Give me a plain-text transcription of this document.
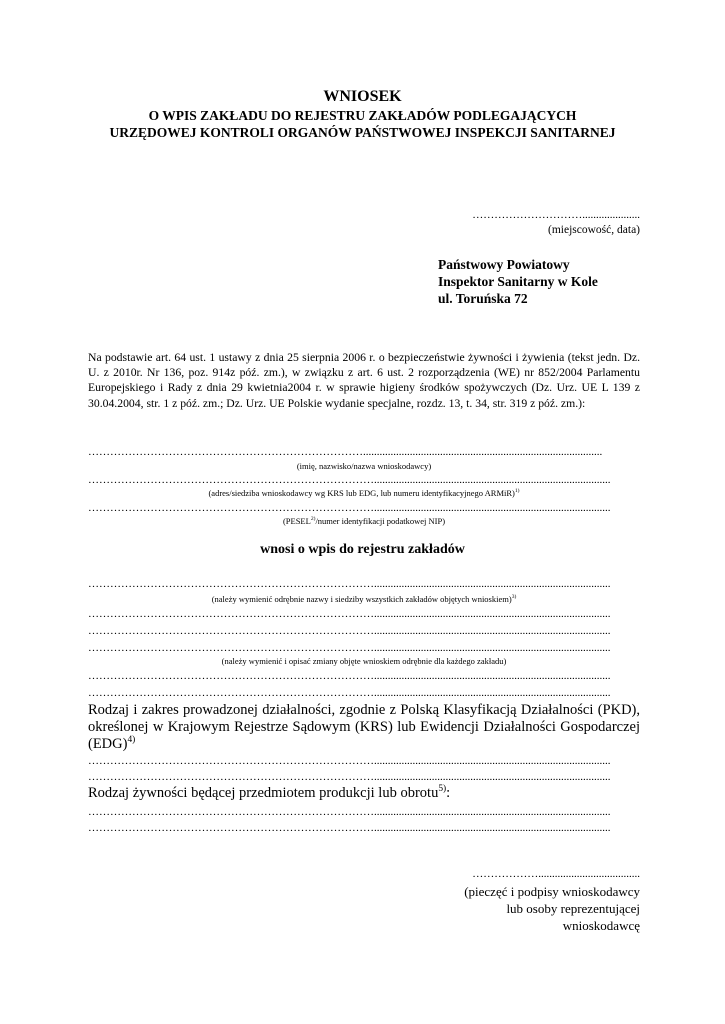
WNIOSEK
O WPIS ZAKŁADU DO REJESTRU ZAKŁADÓW PODLEGAJĄCYCH
URZĘDOWEJ KONTROLI ORGANÓW PAŃSTWOWEJ INSPEKCJI SANITARNEJ
………………………….....................
(miejscowość, data)
Państwowy Powiatowy
Inspektor Sanitarny w Kole
ul. Toruńska 72
Na podstawie art. 64 ust. 1 ustawy z dnia 25 sierpnia 2006 r. o bezpieczeństwie żywności i żywienia (tekst jedn. Dz. U. z 2010r. Nr 136, poz. 914z póź. zm.), w związku z art. 6 ust. 2 rozporządzenia (WE) nr 852/2004 Parlamentu Europejskiego i Rady z dnia 29 kwietnia2004 r. w sprawie higieny środków spożywczych (Dz. Urz. UE L 139 z 30.04.2004, str. 1 z póź. zm.; Dz. Urz. UE Polskie wydanie specjalne, rozdz. 13, t. 34, str. 319 z póź. zm.):
………………………………………………………………….......................................................................................
(imię, nazwisko/nazwa wnioskodawcy)
……………………………………………………………………......................................................................................
(adres/siedziba wnioskodawcy wg KRS lub EDG, lub numeru identyfikacyjnego ARMiR)$^{1)}$
……………………………………………………………………......................................................................................
(PESEL$^{2)}$/numer identyfikacji podatkowej NIP)
wnosi o wpis do rejestru zakładów
……………………………………………………………………......................................................................................
(należy wymienić odrębnie nazwy i siedziby wszystkich zakładów objętych wnioskiem)$^{3)}$
……………………………………………………………………......................................................................................
……………………………………………………………………......................................................................................
……………………………………………………………………......................................................................................
(należy wymienić i opisać zmiany objęte wnioskiem odrębnie dla każdego zakładu)
……………………………………………………………………......................................................................................
……………………………………………………………………......................................................................................
Rodzaj i zakres prowadzonej działalności, zgodnie z Polską Klasyfikacją Działalności (PKD), określonej w Krajowym Rejestrze Sądowym (KRS) lub Ewidencji Działalności Gospodarczej (EDG)$^{4)}$
……………………………………………………………………......................................................................................
……………………………………………………………………......................................................................................
Rodzaj żywności będącej przedmiotem produkcji lub obrotu$^{5)}$:
……………………………………………………………………......................................................................................
……………………………………………………………………......................................................................................
……………….....................................
(pieczęć i podpisy wnioskodawcy
lub osoby reprezentującej
wnioskodawcę
